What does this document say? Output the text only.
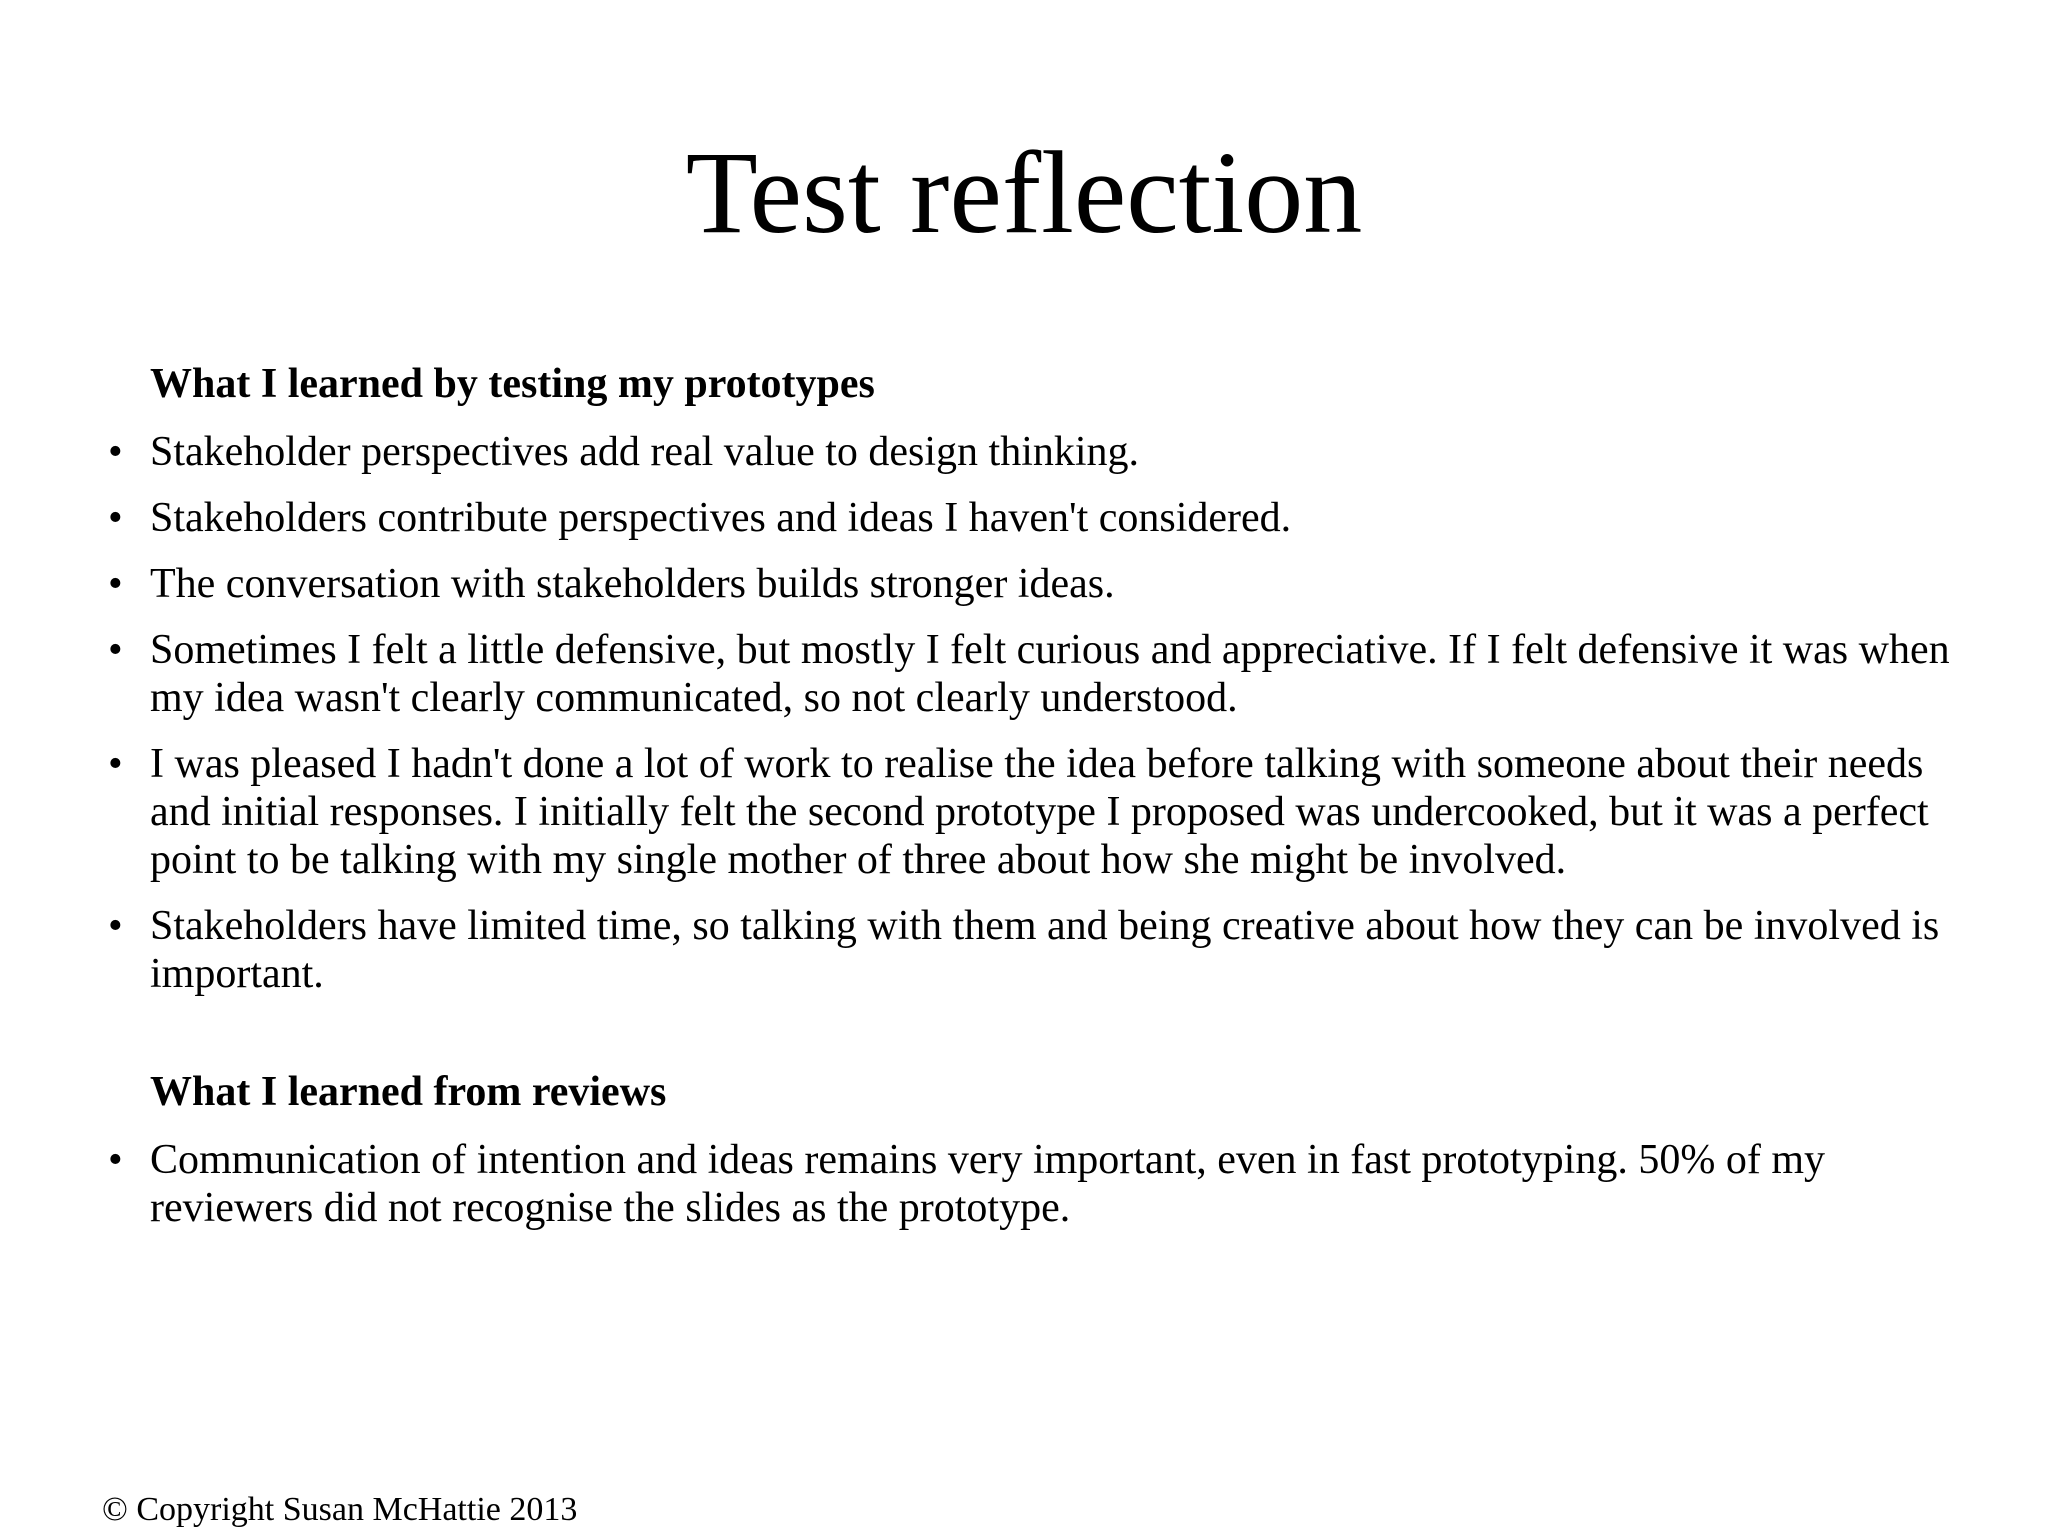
Test reflection

What I learned by testing my prototypes

• Stakeholder perspectives add real value to design thinking.
• Stakeholders contribute perspectives and ideas I haven't considered.
• The conversation with stakeholders builds stronger ideas.
• Sometimes I felt a little defensive, but mostly I felt curious and appreciative. If I felt defensive it was when my idea wasn't clearly communicated, so not clearly understood.
• I was pleased I hadn't done a lot of work to realise the idea before talking with someone about their needs and initial responses. I initially felt the second prototype I proposed was undercooked, but it was a perfect point to be talking with my single mother of three about how she might be involved.
• Stakeholders have limited time, so talking with them and being creative about how they can be involved is important.

What I learned from reviews

• Communication of intention and ideas remains very important, even in fast prototyping. 50% of my reviewers did not recognise the slides as the prototype.
© Copyright Susan McHattie 2013
